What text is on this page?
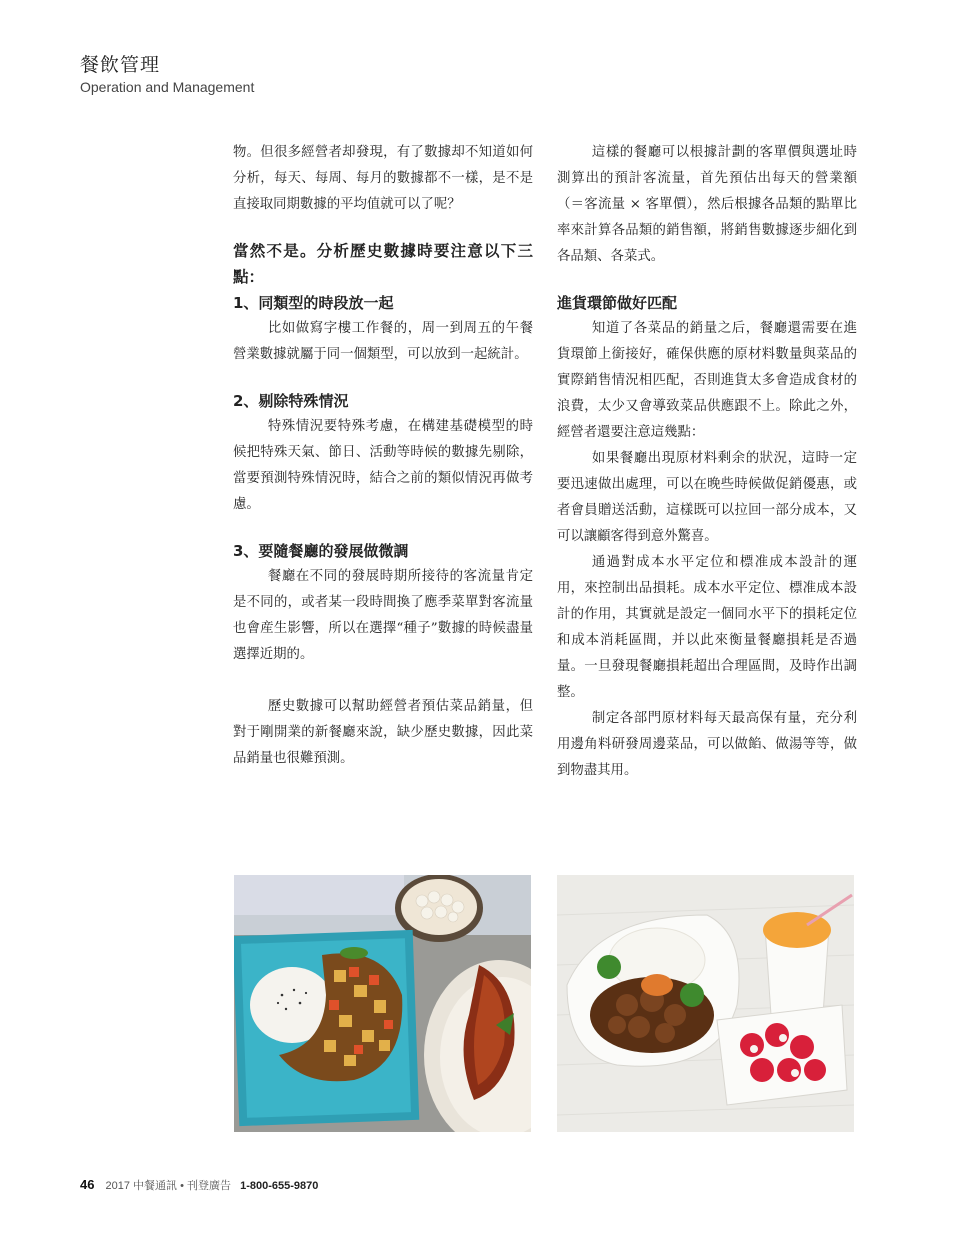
餐飲管理
Operation and Management

物。但很多經營者却發現，有了數據却不知道如何分析，每天、每周、每月的數據都不一樣，是不是直接取同期數據的平均值就可以了呢？

當然不是。分析歷史數據時要注意以下三點：
1、同類型的時段放一起

比如做寫字樓工作餐的，周一到周五的午餐營業數據就屬于同一個類型，可以放到一起統計。

2、剔除特殊情況

特殊情況要特殊考慮，在構建基礎模型的時候把特殊天氣、節日、活動等時候的數據先剔除，當要預測特殊情況時，結合之前的類似情況再做考慮。

3、要隨餐廳的發展做微調

餐廳在不同的發展時期所接待的客流量肯定是不同的，或者某一段時間換了應季菜單對客流量也會産生影響，所以在選擇“種子”數據的時候盡量選擇近期的。

歷史數據可以幫助經營者預估菜品銷量，但對于剛開業的新餐廳來說，缺少歷史數據，因此菜品銷量也很難預測。

這樣的餐廳可以根據計劃的客單價與選址時測算出的預計客流量，首先預估出每天的營業額（＝客流量 × 客單價），然后根據各品類的點單比率來計算各品類的銷售額，將銷售數據逐步細化到各品類、各菜式。

進貨環節做好匹配

知道了各菜品的銷量之后，餐廳還需要在進貨環節上銜接好，確保供應的原材料數量與菜品的實際銷售情況相匹配，否則進貨太多會造成食材的浪費，太少又會導致菜品供應跟不上。除此之外，經營者還要注意這幾點：

如果餐廳出現原材料剩余的狀況，這時一定要迅速做出處理，可以在晚些時候做促銷優惠，或者會員贈送活動，這樣既可以拉回一部分成本，又可以讓顧客得到意外驚喜。

通過對成本水平定位和標准成本設計的運用，來控制出品損耗。成本水平定位、標准成本設計的作用，其實就是設定一個同水平下的損耗定位和成本消耗區間，并以此來衡量餐廳損耗是否過量。一旦發現餐廳損耗超出合理區間，及時作出調整。

制定各部門原材料每天最高保有量，充分利用邊角料研發周邊菜品，可以做餡、做湯等等，做到物盡其用。

46 2017 中餐通訊 • 刊登廣告 1-800-655-9870
